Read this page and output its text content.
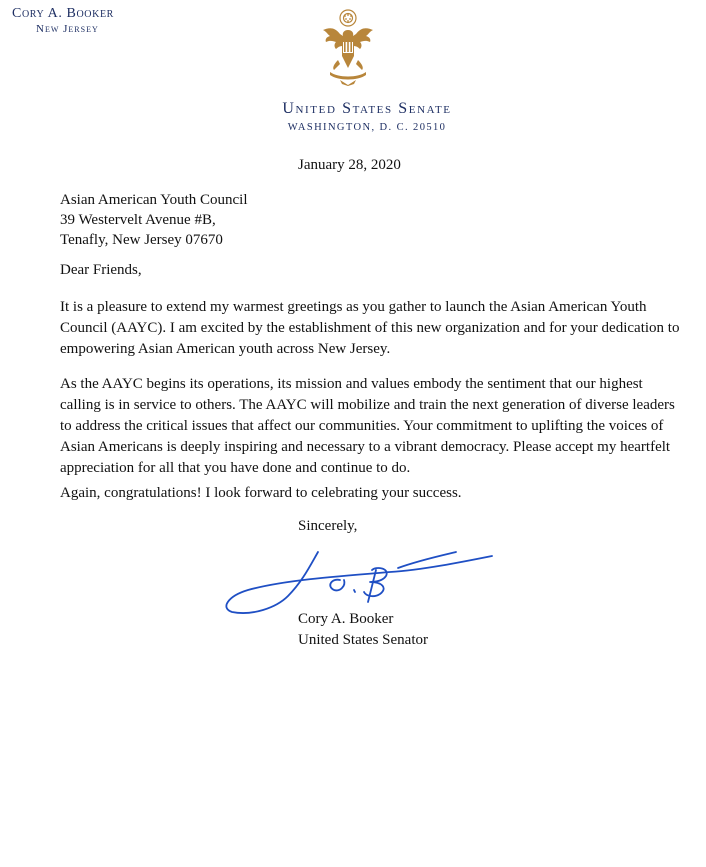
Cory A. Booker
New Jersey
United States Senate
WASHINGTON, D. C. 20510
January 28, 2020
Asian American Youth Council
39 Westervelt Avenue #B,
Tenafly, New Jersey 07670
Dear Friends,

It is a pleasure to extend my warmest greetings as you gather to launch the Asian American Youth Council (AAYC). I am excited by the establishment of this new organization and for your dedication to empowering Asian American youth across New Jersey.

As the AAYC begins its operations, its mission and values embody the sentiment that our highest calling is in service to others. The AAYC will mobilize and train the next generation of diverse leaders to address the critical issues that affect our communities. Your commitment to uplifting the voices of Asian Americans is deeply inspiring and necessary to a vibrant democracy. Please accept my heartfelt appreciation for all that you have done and continue to do.

Again, congratulations! I look forward to celebrating your success.

Sincerely,
Cory A. Booker
United States Senator
